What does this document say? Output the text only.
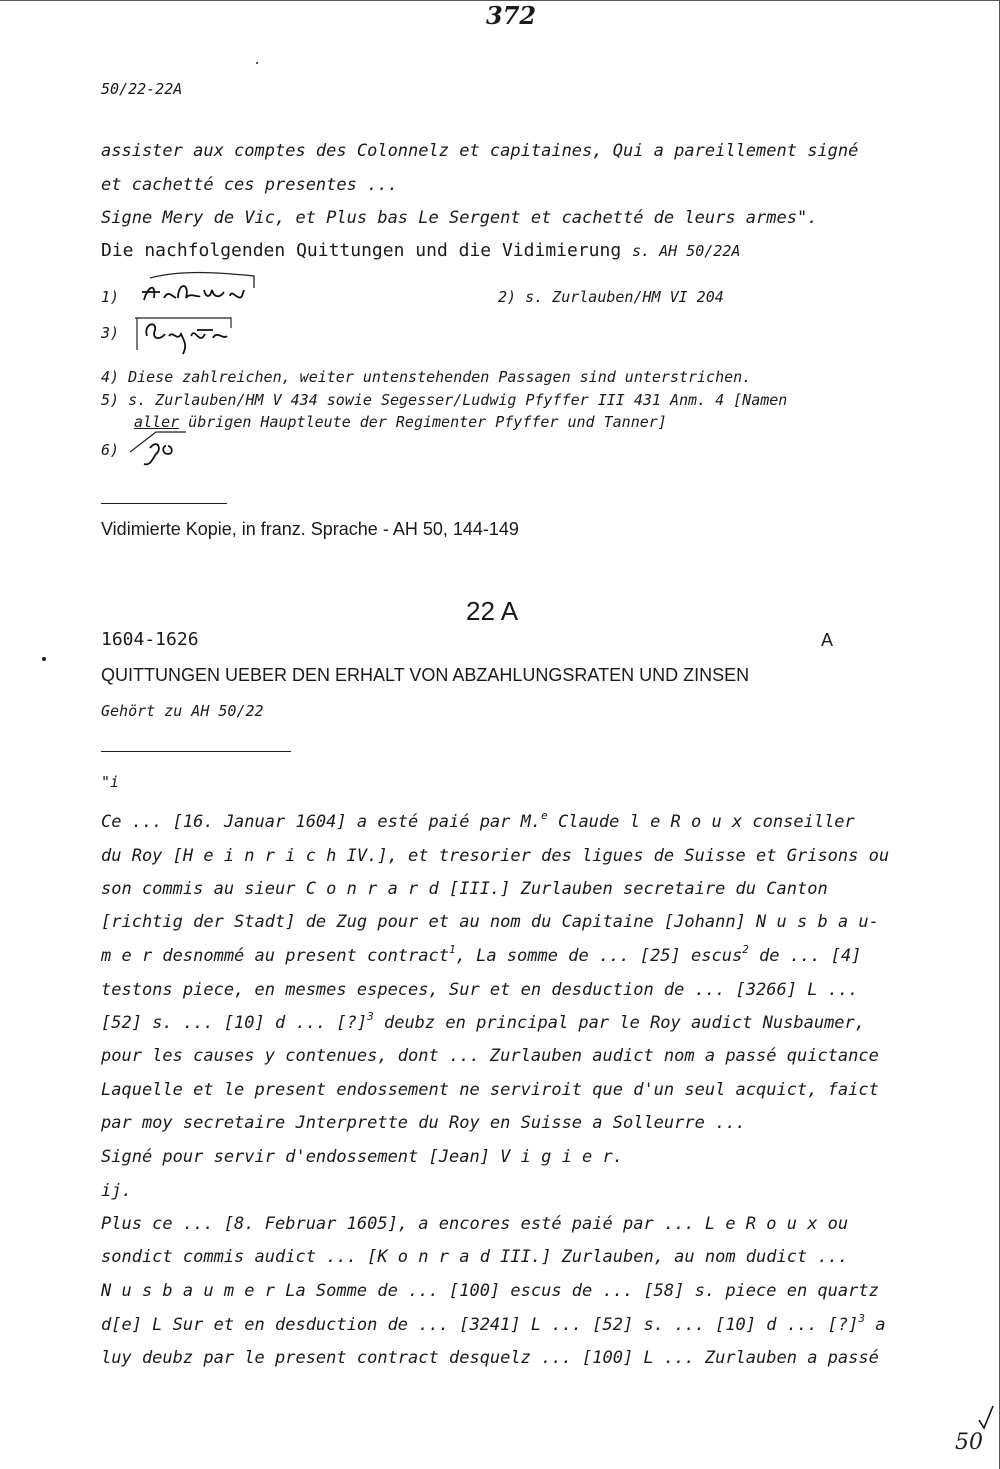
372
50/22-22A
assister aux comptes des Colonnelz et capitaines, Qui a pareillement signé
et cachetté ces presentes ...
Signe Mery de Vic, et Plus bas Le Sergent et cachetté de leurs armes".
Die nachfolgenden Quittungen und die Vidimierung s. AH 50/22A
1)	2) s. Zurlauben/HM VI 204
3)
4) Diese zahlreichen, weiter untenstehenden Passagen sind unterstrichen.
5) s. Zurlauben/HM V 434 sowie Segesser/Ludwig Pfyffer III 431 Anm. 4 [Namen
aller übrigen Hauptleute der Regimenter Pfyffer und Tanner]
6)
Vidimierte Kopie, in franz. Sprache - AH 50, 144-149
22 A
1604-1626	A
QUITTUNGEN UEBER DEN ERHALT VON ABZAHLUNGSRATEN UND ZINSEN
Gehört zu AH 50/22
"i
Ce ... [16. Januar 1604] a esté paié par M.$^e$ Claude l e R o u x conseiller
du Roy [H e i n r i c h IV.], et tresorier des ligues de Suisse et Grisons ou
son commis au sieur C o n r a r d [III.] Zurlauben secretaire du Canton
[richtig der Stadt] de Zug pour et au nom du Capitaine [Johann] N u s b a u-
m e r desnommé au present contract$^1$, La somme de ... [25] escus$^2$ de ... [4]
testons piece, en mesmes especes, Sur et en desduction de ... [3266] L ...
[52] s. ... [10] d ... [?]$^3$ deubz en principal par le Roy audict Nusbaumer,
pour les causes y contenues, dont ... Zurlauben audict nom a passé quictance
Laquelle et le present endossement ne serviroit que d'un seul acquict, faict
par moy secretaire Jnterprette du Roy en Suisse a Solleurre ...
Signé pour servir d'endossement [Jean] V i g i e r.
ij.
Plus ce ... [8. Februar 1605], a encores esté paié par ... L e R o u x ou
sondict commis audict ... [K o n r a d III.] Zurlauben, au nom dudict ...
N u s b a u m e r La Somme de ... [100] escus de ... [58] s. piece en quartz
d[e] L Sur et en desduction de ... [3241] L ... [52] s. ... [10] d ... [?]$^3$ a
luy deubz par le present contract desquelz ... [100] L ... Zurlauben a passé
50
